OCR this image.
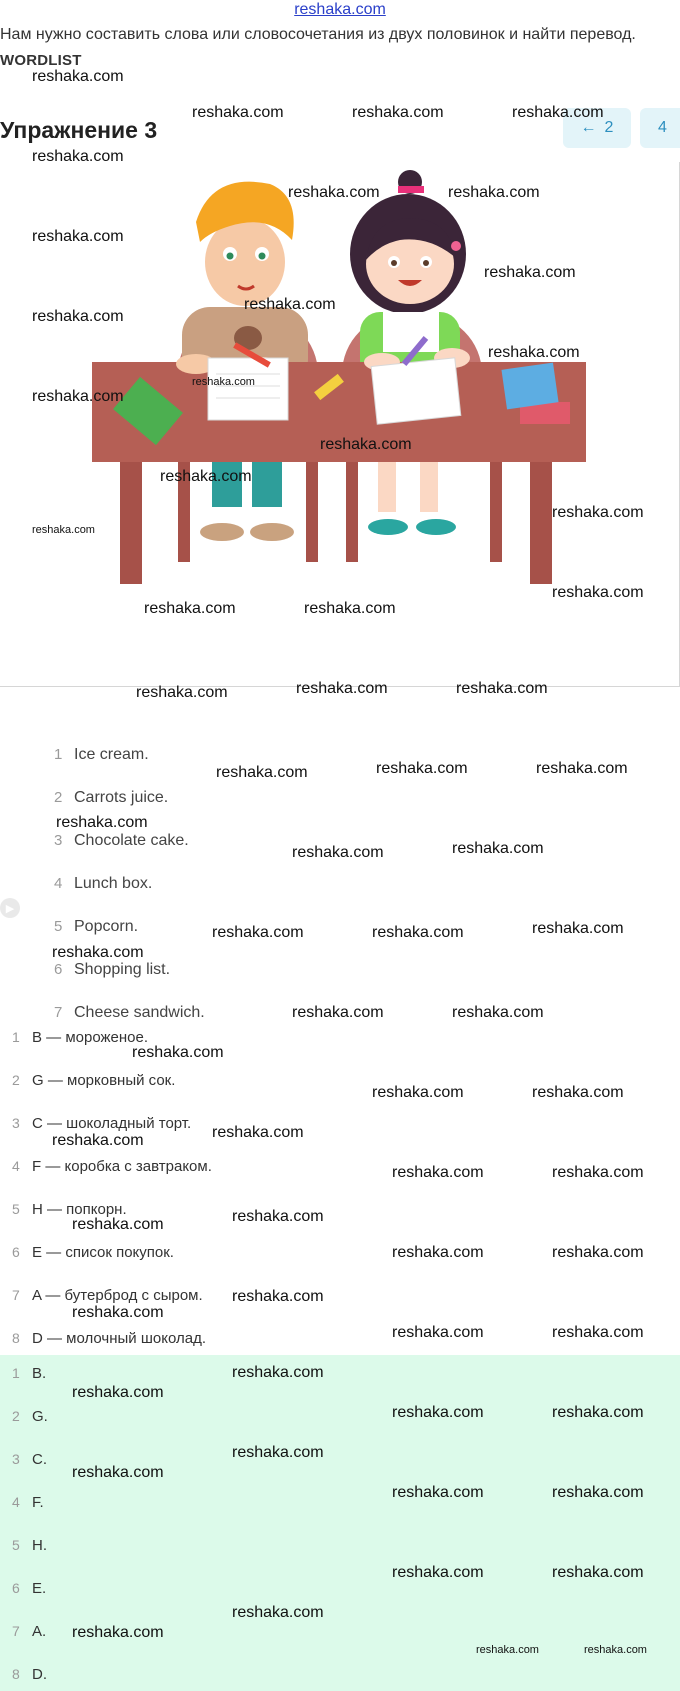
reshaka.com
Нам нужно составить слова или словосочетания из двух половинок и найти перевод.
WORDLIST
Упражнение 3	← 2	4
1 Ice cream.
2 Carrots juice.
3 Chocolate cake.
4 Lunch box.
5 Popcorn.
6 Shopping list.
7 Cheese sandwich.
▶
1 B — мороженое.
2 G — морковный сок.
3 C — шоколадный торт.
4 F — коробка с завтраком.
5 H — попкорн.
6 E — список покупок.
7 A — бутерброд с сыром.
8 D — молочный шоколад.
1 B.
2 G.
3 C.
4 F.
5 H.
6 E.
7 A.
8 D.
reshaka.com
reshaka.com	reshaka.com	reshaka.com
reshaka.com
reshaka.com	reshaka.com
reshaka.com
reshaka.com
reshaka.com
reshaka.com
reshaka.com
reshaka.com
reshaka.com
reshaka.com
reshaka.com
reshaka.com
reshaka.com
reshaka.com
reshaka.com	reshaka.com
reshaka.com	reshaka.com	reshaka.com
reshaka.com	reshaka.com	reshaka.com
reshaka.com
reshaka.com	reshaka.com
reshaka.com	reshaka.com	reshaka.com
reshaka.com
reshaka.com	reshaka.com
reshaka.com
reshaka.com	reshaka.com
reshaka.com	reshaka.com
reshaka.com	reshaka.com
reshaka.com	reshaka.com
reshaka.com	reshaka.com
reshaka.com
reshaka.com
reshaka.com	reshaka.com
reshaka.com
reshaka.com
reshaka.com	reshaka.com
reshaka.com
reshaka.com
reshaka.com	reshaka.com
reshaka.com	reshaka.com
reshaka.com
reshaka.com
reshaka.com	reshaka.com
